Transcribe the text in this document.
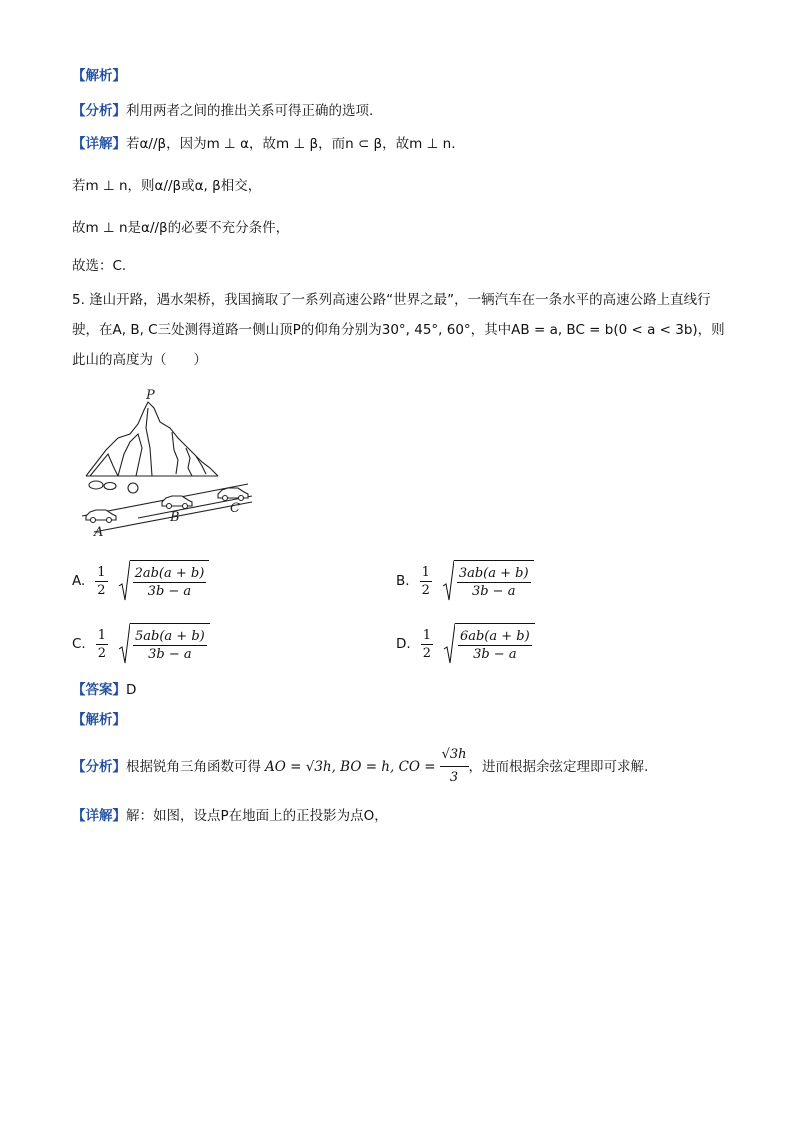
【解析】
【分析】利用两者之间的推出关系可得正确的选项.
【详解】若α//β，因为m ⊥ α，故m ⊥ β，而n ⊂ β，故m ⊥ n.
若m ⊥ n，则α//β或α, β相交，
故m ⊥ n是α//β的必要不充分条件，
故选：C.
5. 逢山开路，遇水架桥，我国摘取了一系列高速公路“世界之最”，一辆汽车在一条水平的高速公路上直线行驶，在A, B, C三处测得道路一侧山顶P的仰角分别为30°, 45°, 60°，其中AB = a, BC = b(0 < a < 3b)，则此山的高度为（　　）
P
A
B
C
A. $\frac{1}{2} \frac{2ab(a + b)}{3b - a}$	B. $\frac{1}{2} \frac{3ab(a + b)}{3b - a}$
C. $\frac{1}{2} \frac{5ab(a + b)}{3b - a}$	D. $\frac{1}{2} \frac{6ab(a + b)}{3b - a}$
【答案】D
【解析】
【分析】 根据锐角三角函数可得 AO = √3h, BO = h, CO = $\frac{√3h}{3}$ ，进而根据余弦定理即可求解.
【详解】解：如图，设点P在地面上的正投影为点O，
